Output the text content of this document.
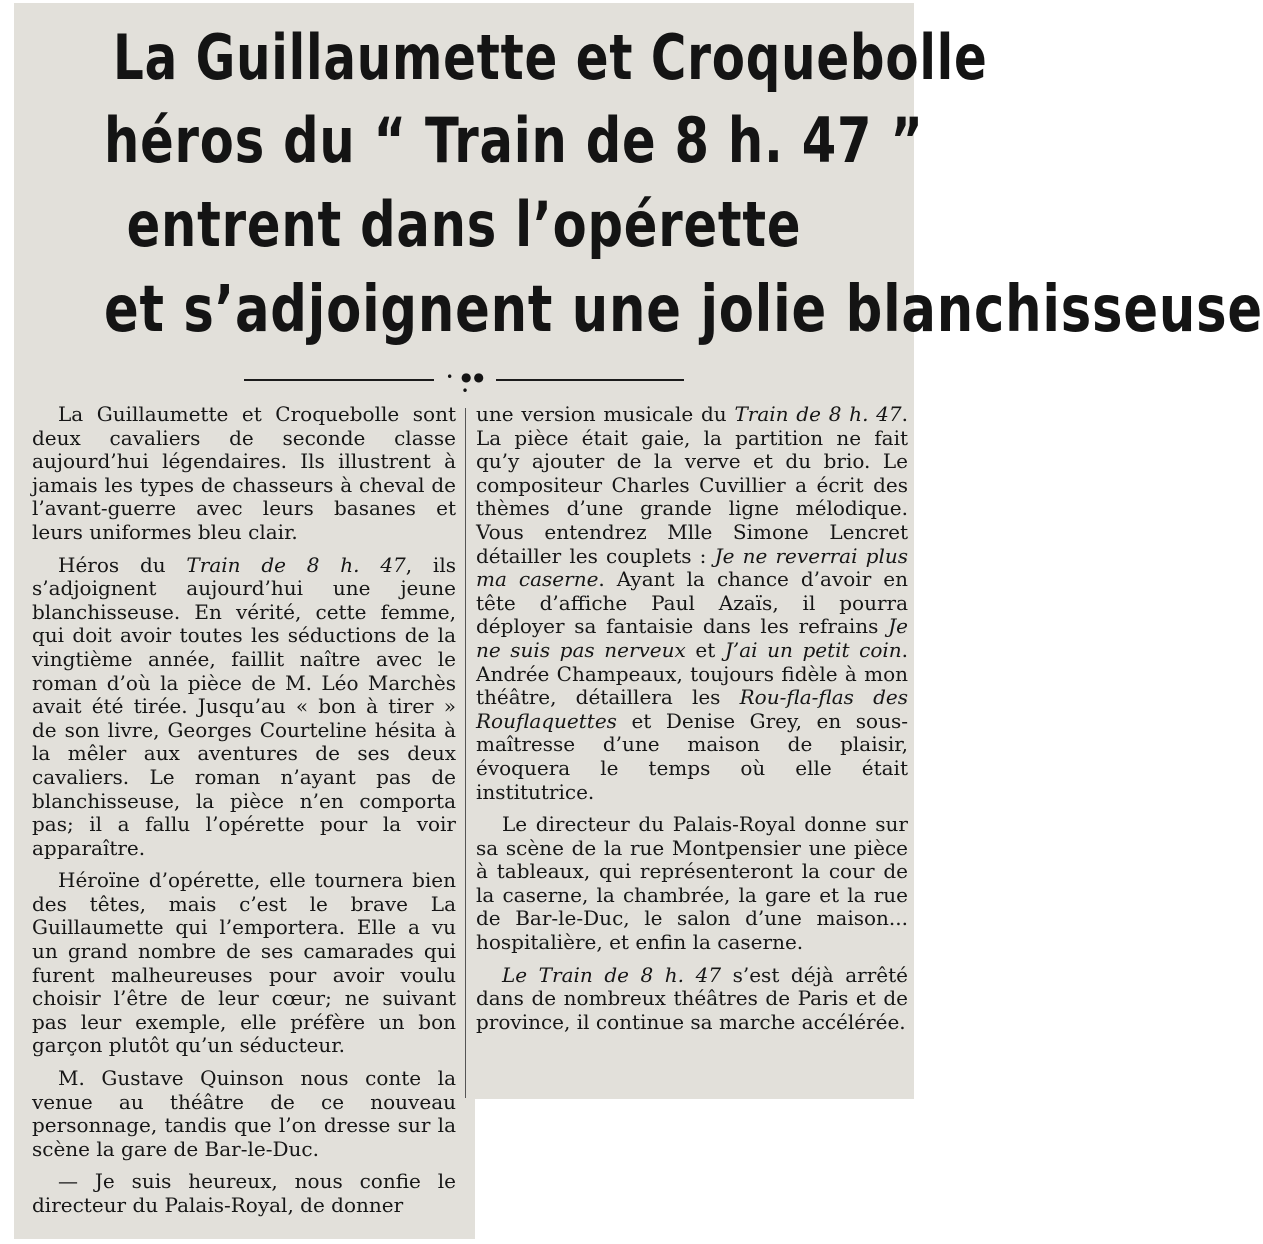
La Guillaumette et Croquebolle
héros du “ Train de 8 h. 47 ”
entrent dans l’opérette
et s’adjoignent une jolie blanchisseuse
• ●● •

La Guillaumette et Croquebolle sont deux cavaliers de seconde classe aujourd’hui légendaires. Ils illustrent à jamais les types de chasseurs à cheval de l’avant-guerre avec leurs basanes et leurs uniformes bleu clair.

Héros du Train de 8 h. 47, ils s’adjoignent aujourd’hui une jeune blanchisseuse. En vérité, cette femme, qui doit avoir toutes les séductions de la vingtième année, faillit naître avec le roman d’où la pièce de M. Léo Marchès avait été tirée. Jusqu’au « bon à tirer » de son livre, Georges Courteline hésita à la mêler aux aventures de ses deux cavaliers. Le roman n’ayant pas de blanchisseuse, la pièce n’en comporta pas; il a fallu l’opérette pour la voir apparaître.

Héroïne d’opérette, elle tournera bien des têtes, mais c’est le brave La Guillaumette qui l’emportera. Elle a vu un grand nombre de ses camarades qui furent malheureuses pour avoir voulu choisir l’être de leur cœur; ne suivant pas leur exemple, elle préfère un bon garçon plutôt qu’un séducteur.

M. Gustave Quinson nous conte la venue au théâtre de ce nouveau personnage, tandis que l’on dresse sur la scène la gare de Bar-le-Duc.

— Je suis heureux, nous confie le directeur du Palais-Royal, de donner

une version musicale du Train de 8 h. 47. La pièce était gaie, la partition ne fait qu’y ajouter de la verve et du brio. Le compositeur Charles Cuvillier a écrit des thèmes d’une grande ligne mélodique. Vous entendrez Mlle Simone Lencret détailler les couplets : Je ne reverrai plus ma caserne. Ayant la chance d’avoir en tête d’affiche Paul Azaïs, il pourra déployer sa fantaisie dans les refrains Je ne suis pas nerveux et J’ai un petit coin. Andrée Champeaux, toujours fidèle à mon théâtre, détaillera les Rou-fla-flas des Rouflaquettes et Denise Grey, en sous-maîtresse d’une maison de plaisir, évoquera le temps où elle était institutrice.

Le directeur du Palais-Royal donne sur sa scène de la rue Montpensier une pièce à tableaux, qui représenteront la cour de la caserne, la chambrée, la gare et la rue de Bar-le-Duc, le salon d’une maison... hospitalière, et enfin la caserne.

Le Train de 8 h. 47 s’est déjà arrêté dans de nombreux théâtres de Paris et de province, il continue sa marche accélérée.
